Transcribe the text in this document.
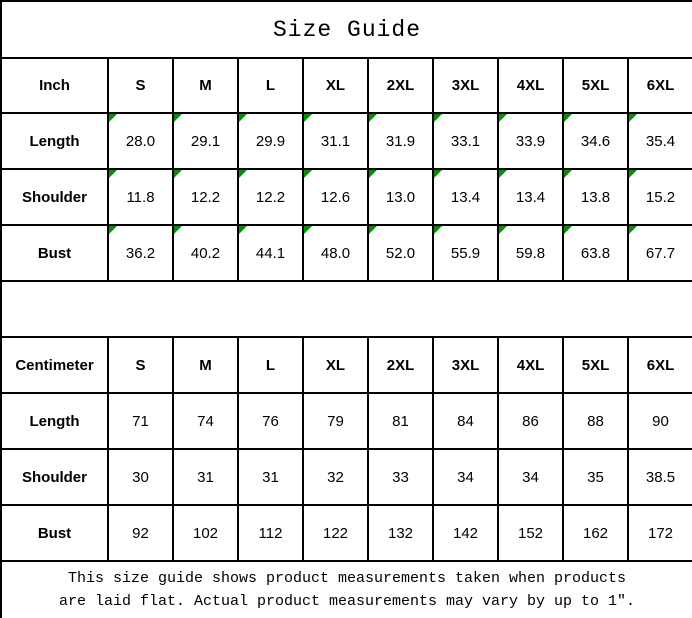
Size Guide									
Inch	S	M	L	XL	2XL	3XL	4XL	5XL	6XL
Length	28.0	29.1	29.9	31.1	31.9	33.1	33.9	34.6	35.4
Shoulder	11.8	12.2	12.2	12.6	13.0	13.4	13.4	13.8	15.2
Bust	36.2	40.2	44.1	48.0	52.0	55.9	59.8	63.8	67.7

Centimeter	S	M	L	XL	2XL	3XL	4XL	5XL	6XL
Length	71	74	76	79	81	84	86	88	90
Shoulder	30	31	31	32	33	34	34	35	38.5
Bust	92	102	112	122	132	142	152	162	172

This size guide shows product measurements taken when products
are laid flat. Actual product measurements may vary by up to 1″.									
